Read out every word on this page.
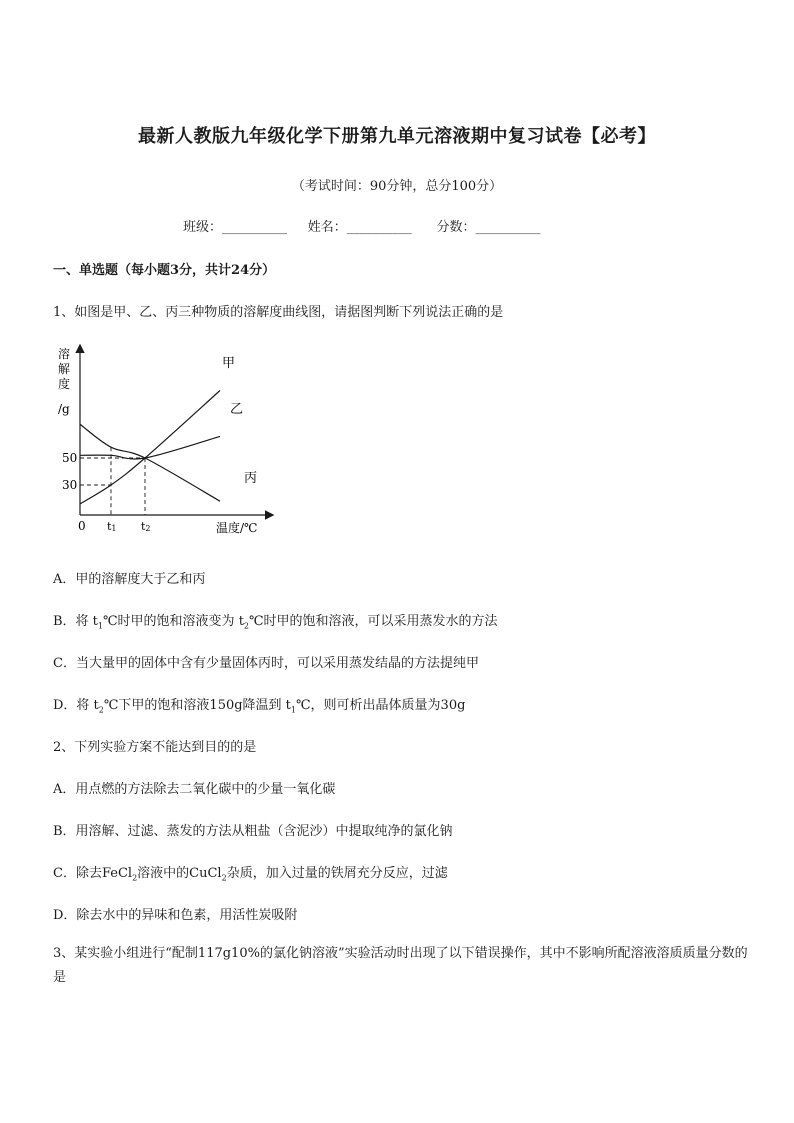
最新人教版九年级化学下册第九单元溶液期中复习试卷【必考】
（考试时间：90分钟，总分100分）
班级：__________ 姓名：__________ 分数：__________
一、单选题（每小题3分，共计24分）
1、如图是甲、乙、丙三种物质的溶解度曲线图，请据图判断下列说法正确的是
溶
解
度
/g
温度/℃
0
30
50
t1 t2
甲
乙
丙
A．甲的溶解度大于乙和丙
B．将 $t_1℃$时甲的饱和溶液变为 $t_2℃$时甲的饱和溶液，可以采用蒸发水的方法
C．当大量甲的固体中含有少量固体丙时，可以采用蒸发结晶的方法提纯甲
D．将 $t_2℃$下甲的饱和溶液150g降温到 $t_1℃$，则可析出晶体质量为30g
2、下列实验方案不能达到目的的是
A．用点燃的方法除去二氧化碳中的少量一氧化碳
B．用溶解、过滤、蒸发的方法从粗盐（含泥沙）中提取纯净的氯化钠
C．除去FeCl$_2$溶液中的CuCl$_2$杂质，加入过量的铁屑充分反应，过滤
D．除去水中的异味和色素，用活性炭吸附
3、某实验小组进行“配制117g10%的氯化钠溶液”实验活动时出现了以下错误操作，其中不影响所配溶液溶质质量分数的是
